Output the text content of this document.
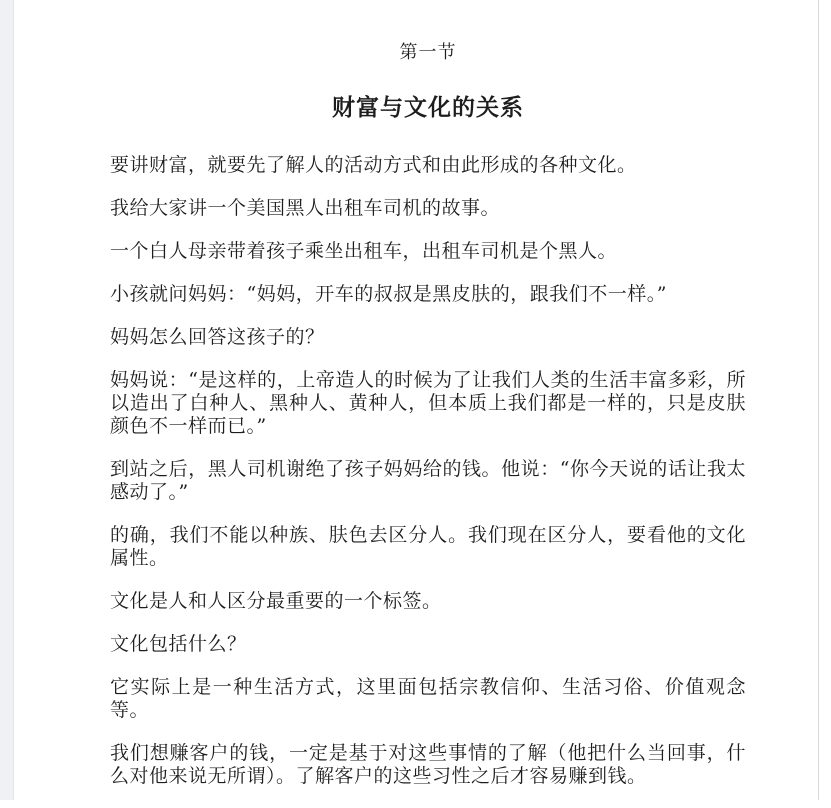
第一节
财富与文化的关系

要讲财富，就要先了解人的活动方式和由此形成的各种文化。

我给大家讲一个美国黑人出租车司机的故事。

一个白人母亲带着孩子乘坐出租车，出租车司机是个黑人。

小孩就问妈妈：“妈妈，开车的叔叔是黑皮肤的，跟我们不一样。”

妈妈怎么回答这孩子的？

妈妈说：“是这样的，上帝造人的时候为了让我们人类的生活丰富多彩，所以造出了白种人、黑种人、黄种人，但本质上我们都是一样的，只是皮肤颜色不一样而已。”

到站之后，黑人司机谢绝了孩子妈妈给的钱。他说：“你今天说的话让我太感动了。”

的确，我们不能以种族、肤色去区分人。我们现在区分人，要看他的文化属性。

文化是人和人区分最重要的一个标签。

文化包括什么？

它实际上是一种生活方式，这里面包括宗教信仰、生活习俗、价值观念等。

我们想赚客户的钱，一定是基于对这些事情的了解（他把什么当回事，什么对他来说无所谓）。了解客户的这些习性之后才容易赚到钱。
